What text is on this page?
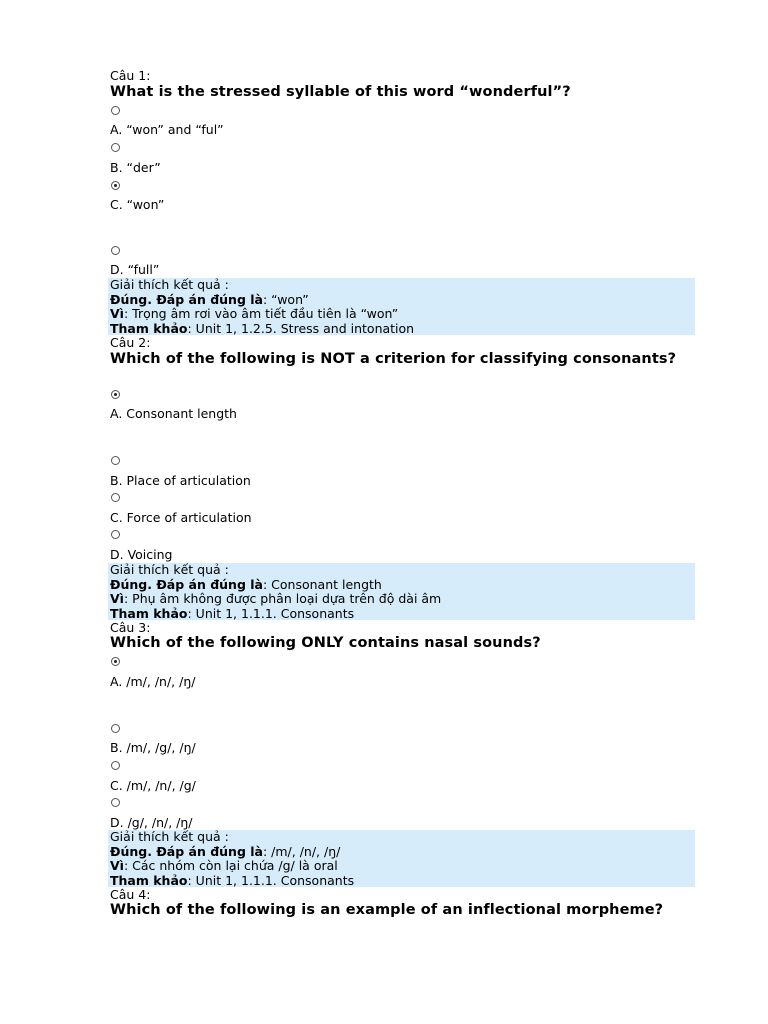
Câu 1:
What is the stressed syllable of this word “wonderful”?
A. “won” and “ful”
B. “der”
C. “won”
D. “full”
Giải thích kết quả :
Đúng. Đáp án đúng là: “won”
Vì: Trọng âm rơi vào âm tiết đầu tiên là “won”
Tham khảo: Unit 1, 1.2.5. Stress and intonation
Câu 2:
Which of the following is NOT a criterion for classifying consonants?
A. Consonant length
B. Place of articulation
C. Force of articulation
D. Voicing
Giải thích kết quả :
Đúng. Đáp án đúng là: Consonant length
Vì: Phụ âm không được phân loại dựa trên độ dài âm
Tham khảo: Unit 1, 1.1.1. Consonants
Câu 3:
Which of the following ONLY contains nasal sounds?
A. /m/, /n/, /ŋ/
B. /m/, /g/, /ŋ/
C. /m/, /n/, /g/
D. /g/, /n/, /ŋ/
Giải thích kết quả :
Đúng. Đáp án đúng là: /m/, /n/, /ŋ/
Vì: Các nhóm còn lại chứa /g/ là oral
Tham khảo: Unit 1, 1.1.1. Consonants
Câu 4:
Which of the following is an example of an inflectional morpheme?
